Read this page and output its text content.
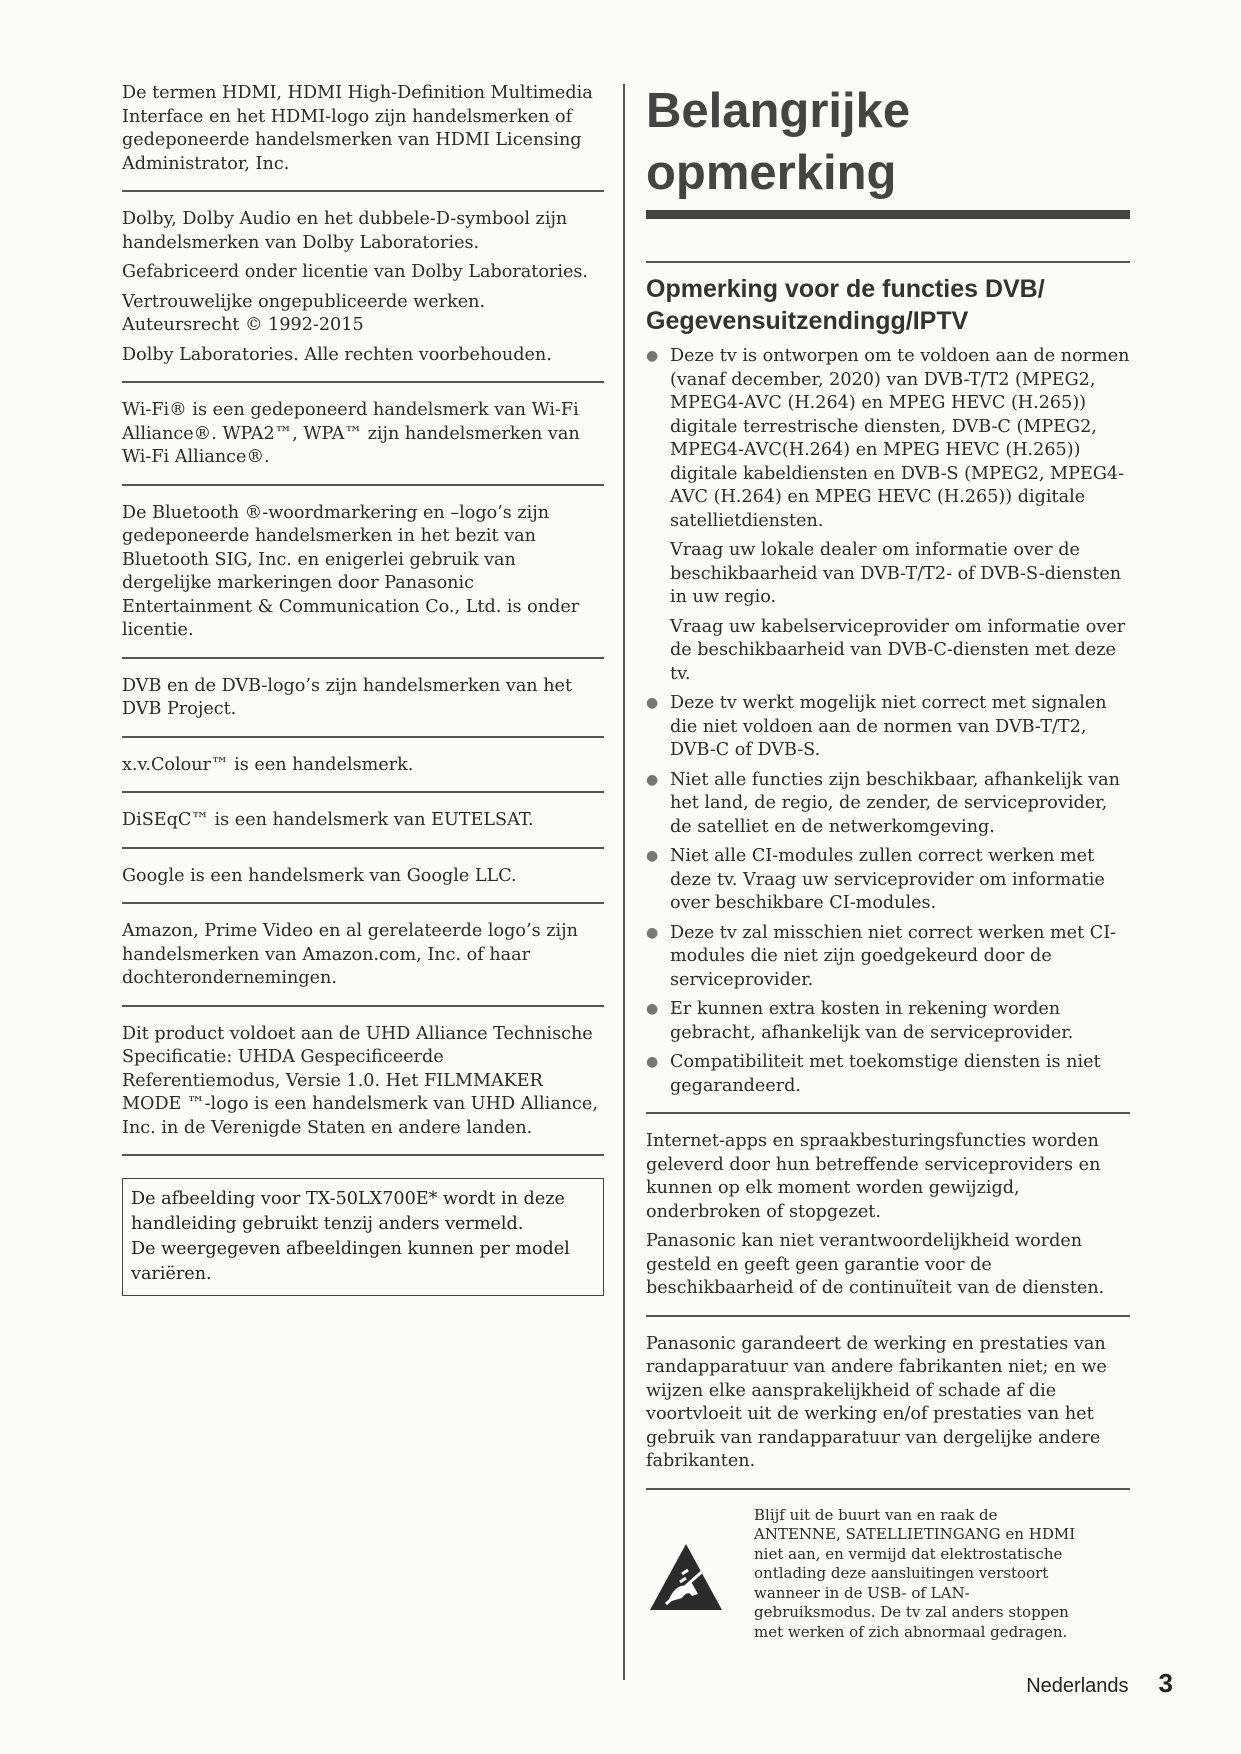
De termen HDMI, HDMI High-Definition Multimedia Interface en het HDMI-logo zijn handelsmerken of gedeponeerde handelsmerken van HDMI Licensing Administrator, Inc.

Dolby, Dolby Audio en het dubbele-D-symbool zijn handelsmerken van Dolby Laboratories.

Gefabriceerd onder licentie van Dolby Laboratories.

Vertrouwelijke ongepubliceerde werken. Auteursrecht © 1992-2015

Dolby Laboratories. Alle rechten voorbehouden.

Wi-Fi® is een gedeponeerd handelsmerk van Wi-Fi Alliance®. WPA2™, WPA™ zijn handelsmerken van Wi-Fi Alliance®.

De Bluetooth ®-woordmarkering en –logo’s zijn gedeponeerde handelsmerken in het bezit van Bluetooth SIG, Inc. en enigerlei gebruik van dergelijke markeringen door Panasonic Entertainment & Communication Co., Ltd. is onder licentie.

DVB en de DVB-logo’s zijn handelsmerken van het DVB Project.

x.v.Colour™ is een handelsmerk.

DiSEqC™ is een handelsmerk van EUTELSAT.

Google is een handelsmerk van Google LLC.

Amazon, Prime Video en al gerelateerde logo’s zijn handelsmerken van Amazon.com, Inc. of haar dochterondernemingen.

Dit product voldoet aan de UHD Alliance Technische Specificatie: UHDA Gespecificeerde Referentiemodus, Versie 1.0. Het FILMMAKER MODE ™-logo is een handelsmerk van UHD Alliance, Inc. in de Verenigde Staten en andere landen.

De afbeelding voor TX-50LX700E* wordt in deze handleiding gebruikt tenzij anders vermeld.

De weergegeven afbeeldingen kunnen per model variëren.

Belangrijke
opmerking
Opmerking voor de functies DVB/
Gegevensuitzendingg/IPTV
● Deze tv is ontworpen om te voldoen aan de normen (vanaf december, 2020) van DVB-T/T2 (MPEG2, MPEG4-AVC (H.264) en MPEG HEVC (H.265)) digitale terrestrische diensten, DVB-C (MPEG2, MPEG4-AVC(H.264) en MPEG HEVC (H.265)) digitale kabeldiensten en DVB-S (MPEG2, MPEG4-AVC (H.264) en MPEG HEVC (H.265)) digitale satellietdiensten.

Vraag uw lokale dealer om informatie over de beschikbaarheid van DVB-T/T2- of DVB-S-diensten in uw regio.

Vraag uw kabelserviceprovider om informatie over de beschikbaarheid van DVB-C-diensten met deze tv.

● Deze tv werkt mogelijk niet correct met signalen die niet voldoen aan de normen van DVB-T/T2, DVB-C of DVB-S.
● Niet alle functies zijn beschikbaar, afhankelijk van het land, de regio, de zender, de serviceprovider, de satelliet en de netwerkomgeving.
● Niet alle CI-modules zullen correct werken met deze tv. Vraag uw serviceprovider om informatie over beschikbare CI-modules.
● Deze tv zal misschien niet correct werken met CI-modules die niet zijn goedgekeurd door de serviceprovider.
● Er kunnen extra kosten in rekening worden gebracht, afhankelijk van de serviceprovider.
● Compatibiliteit met toekomstige diensten is niet gegarandeerd.

Internet-apps en spraakbesturingsfuncties worden geleverd door hun betreffende serviceproviders en kunnen op elk moment worden gewijzigd, onderbroken of stopgezet.

Panasonic kan niet verantwoordelijkheid worden gesteld en geeft geen garantie voor de beschikbaarheid of de continuïteit van de diensten.

Panasonic garandeert de werking en prestaties van randapparatuur van andere fabrikanten niet; en we wijzen elke aansprakelijkheid of schade af die voortvloeit uit de werking en/of prestaties van het gebruik van randapparatuur van dergelijke andere fabrikanten.

Blijf uit de buurt van en raak de ANTENNE, SATELLIETINGANG en HDMI niet aan, en vermijd dat elektrostatische ontlading deze aansluitingen verstoort wanneer in de USB- of LAN-gebruiksmodus. De tv zal anders stoppen met werken of zich abnormaal gedragen.
Nederlands 3
